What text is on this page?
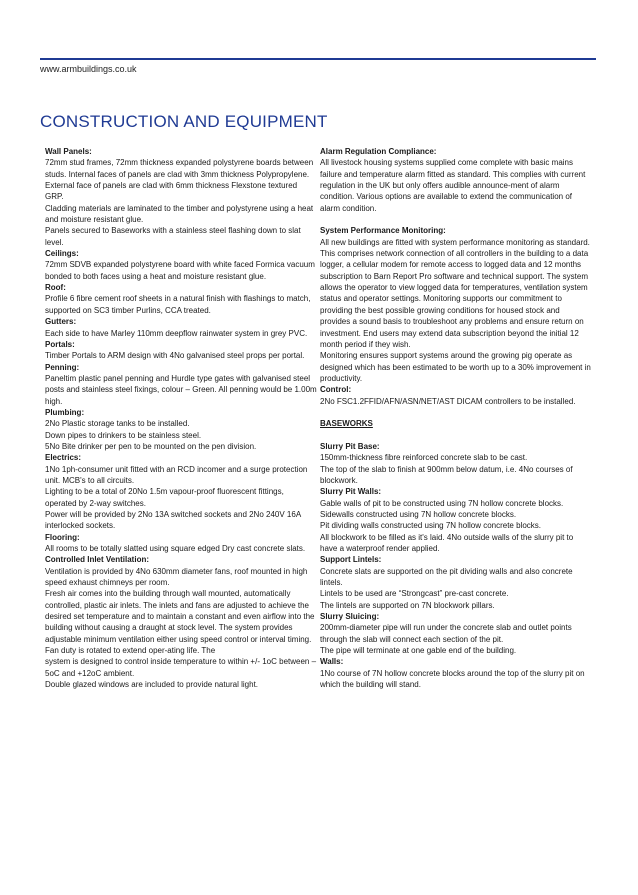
www.armbuildings.co.uk
CONSTRUCTION AND EQUIPMENT
Wall Panels:
72mm stud frames, 72mm thickness expanded polystyrene boards between studs. Internal faces of panels are clad with 3mm thickness Polypropylene.
External face of panels are clad with 6mm thickness Flexstone textured GRP.
Cladding materials are laminated to the timber and polystyrene using a heat and moisture resistant glue.
Panels secured to Baseworks with a stainless steel flashing down to slat level.
Ceilings:
72mm SDVB expanded polystyrene board with white faced Formica vacuum bonded to both faces using a heat and moisture resistant glue.
Roof:
Profile 6 fibre cement roof sheets in a natural finish with flashings to match, supported on SC3 timber Purlins, CCA treated.
Gutters:
Each side to have Marley 110mm deepflow rainwater system in grey PVC.
Portals:
Timber Portals to ARM design with 4No galvanised steel props per portal.
Penning:
Paneltim plastic panel penning and Hurdle type gates with galvanised steel posts and stainless steel fixings, colour – Green. All penning would be 1.00m high.
Plumbing:
2No Plastic storage tanks to be installed.
Down pipes to drinkers to be stainless steel.
5No Bite drinker per pen to be mounted on the pen division.
Electrics:
1No 1ph-consumer unit fitted with an RCD incomer and a surge protection unit. MCB's to all circuits.
Lighting to be a total of 20No 1.5m vapour-proof fluorescent fittings, operated by 2-way switches.
Power will be provided by 2No 13A switched sockets and 2No 240V 16A interlocked sockets.
Flooring:
All rooms to be totally slatted using square edged Dry cast concrete slats.
Controlled Inlet Ventilation:
Ventilation is provided by 4No 630mm diameter fans, roof mounted in high speed exhaust chimneys per room.
Fresh air comes into the building through wall mounted, automatically controlled, plastic air inlets. The inlets and fans are adjusted to achieve the desired set temperature and to maintain a constant and even airflow into the building without causing a draught at stock level. The system provides adjustable minimum ventilation either using speed control or interval timing. Fan duty is rotated to extend oper-ating life. The
system is designed to control inside temperature to within +/- 1oC between –5oC and +12oC ambient.
Double glazed windows are included to provide natural light.
Alarm Regulation Compliance:
All livestock housing systems supplied come complete with basic mains failure and temperature alarm fitted as standard. This complies with current regulation in the UK but only offers audible announce-ment of alarm condition. Various options are available to extend the communication of alarm condition.
System Performance Monitoring:
All new buildings are fitted with system performance monitoring as standard. This comprises network connection of all controllers in the building to a data logger, a cellular modem for remote access to logged data and 12 months subscription to Barn Report Pro software and technical support. The system allows the operator to view logged data for temperatures, ventilation system status and operator settings. Monitoring supports our commitment to providing the best possible growing conditions for housed stock and provides a sound basis to troubleshoot any problems and ensure return on investment. End users may extend data subscription beyond the initial 12 month period if they wish.
Monitoring ensures support systems around the growing pig operate as designed which has been estimated to be worth up to a 30% improvement in productivity.
Control:
2No FSC1.2FFID/AFN/ASN/NET/AST DICAM controllers to be installed.
BASEWORKS
Slurry Pit Base:
150mm-thickness fibre reinforced concrete slab to be cast.
The top of the slab to finish at 900mm below datum, i.e. 4No courses of blockwork.
Slurry Pit Walls:
Gable walls of pit to be constructed using 7N hollow concrete blocks.
Sidewalls constructed using 7N hollow concrete blocks.
Pit dividing walls constructed using 7N hollow concrete blocks.
All blockwork to be filled as it's laid. 4No outside walls of the slurry pit to have a waterproof render applied.
Support Lintels:
Concrete slats are supported on the pit dividing walls and also concrete lintels.
Lintels to be used are “Strongcast” pre-cast concrete.
The lintels are supported on 7N blockwork pillars.
Slurry Sluicing:
200mm-diameter pipe will run under the concrete slab and outlet points through the slab will connect each section of the pit.
The pipe will terminate at one gable end of the building.
Walls:
1No course of 7N hollow concrete blocks around the top of the slurry pit on which the building will stand.
